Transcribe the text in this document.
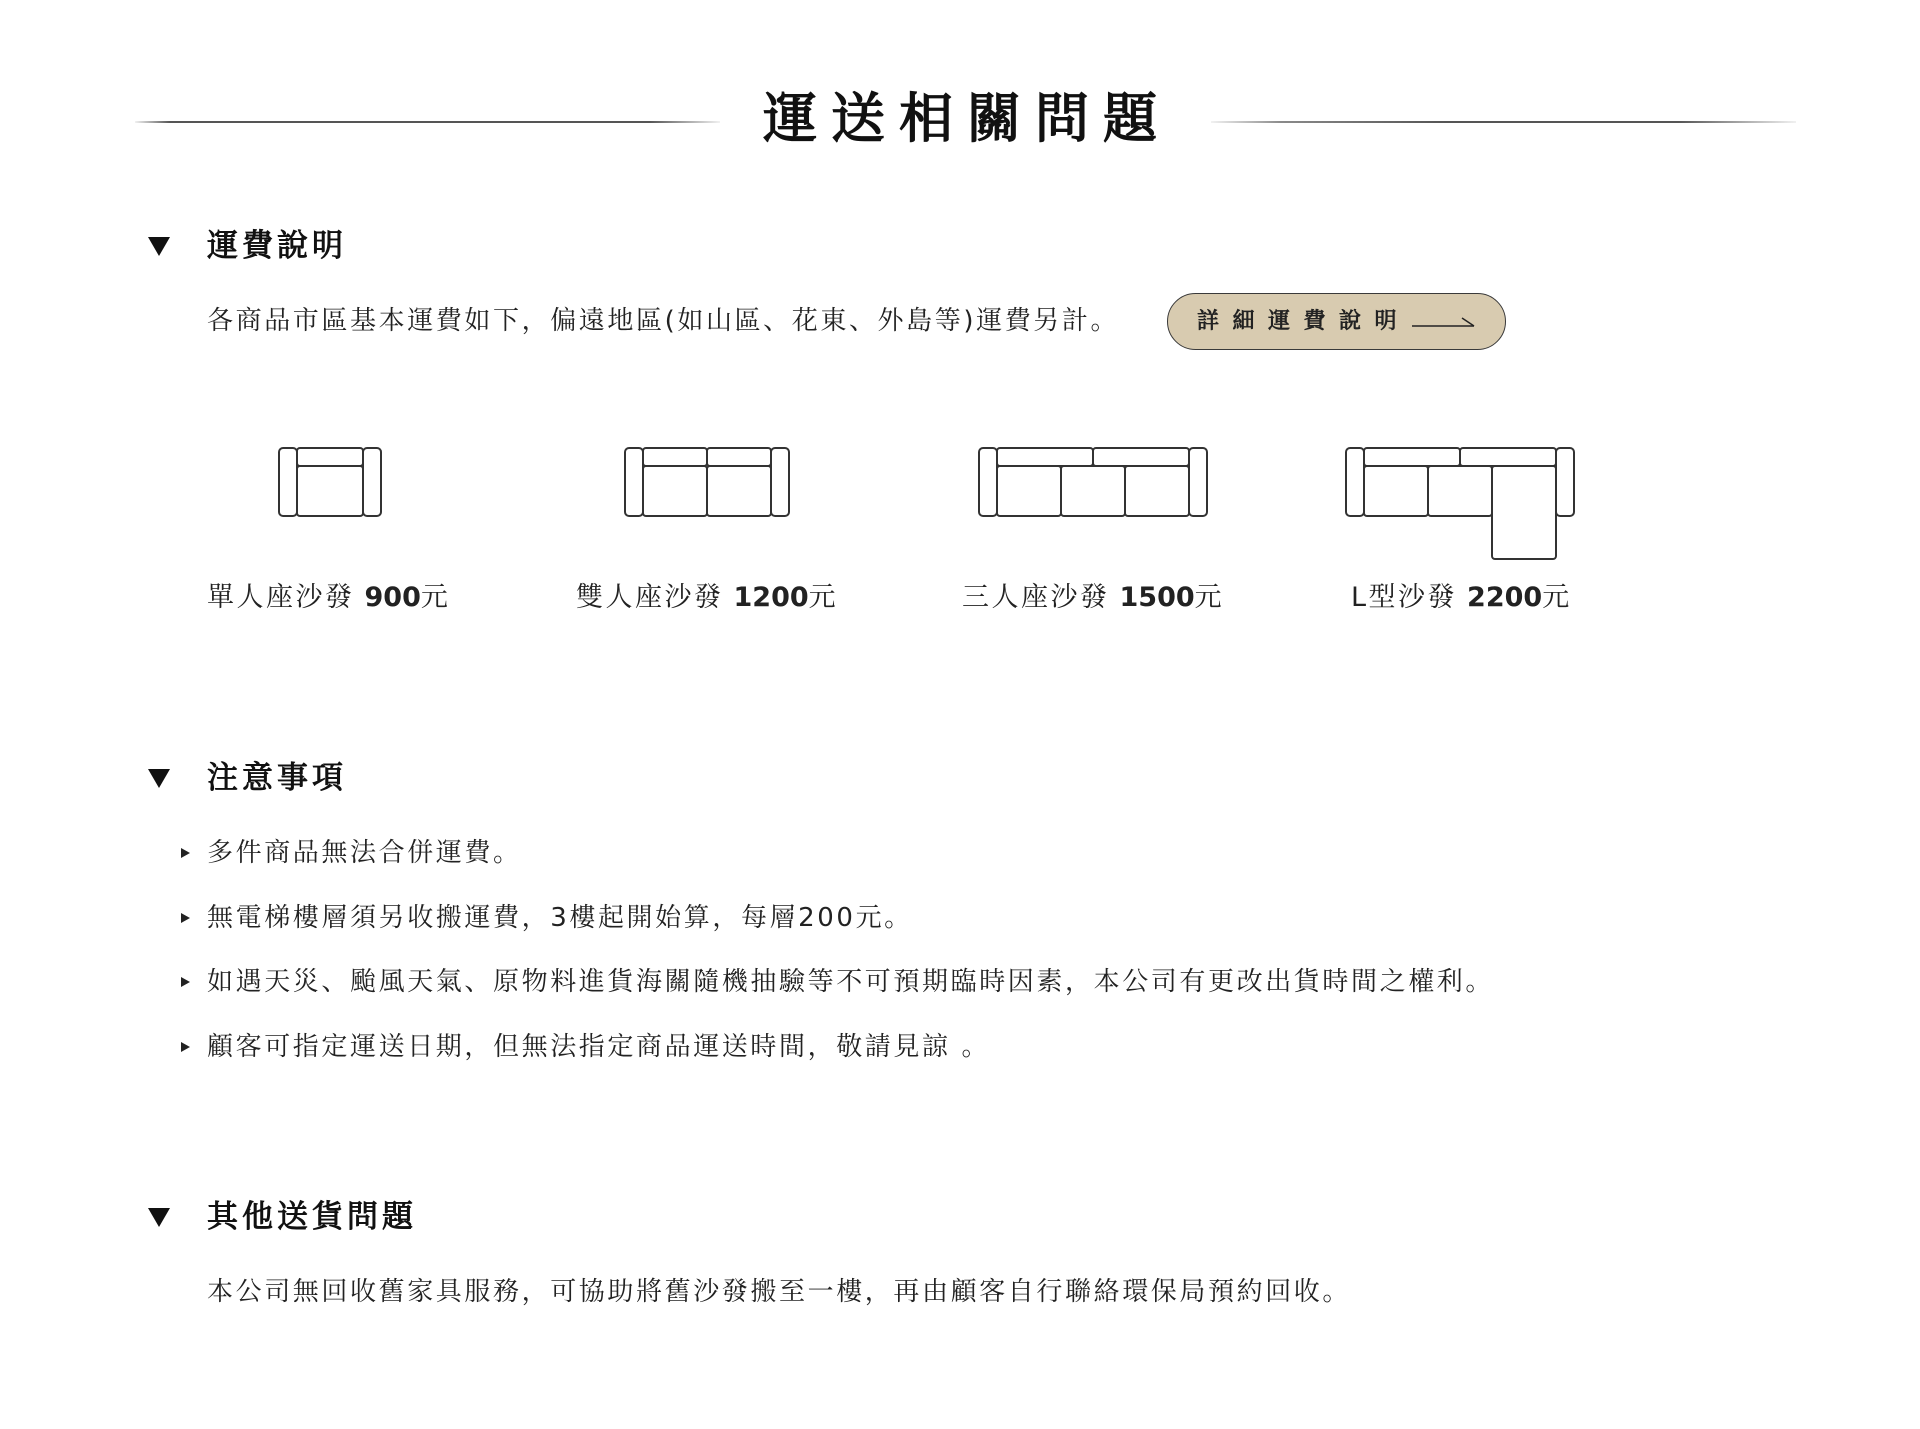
運送相關問題
運費說明
各商品市區基本運費如下，偏遠地區(如山區、花東、外島等)運費另計。	詳細運費說明
單人座沙發 900元	雙人座沙發 1200元	三人座沙發 1500元	L型沙發 2200元
注意事項
多件商品無法合併運費。
無電梯樓層須另收搬運費，3樓起開始算，每層200元。
如遇天災、颱風天氣、原物料進貨海關隨機抽驗等不可預期臨時因素，本公司有更改出貨時間之權利。
顧客可指定運送日期，但無法指定商品運送時間，敬請見諒 。
其他送貨問題
本公司無回收舊家具服務，可協助將舊沙發搬至一樓，再由顧客自行聯絡環保局預約回收。
